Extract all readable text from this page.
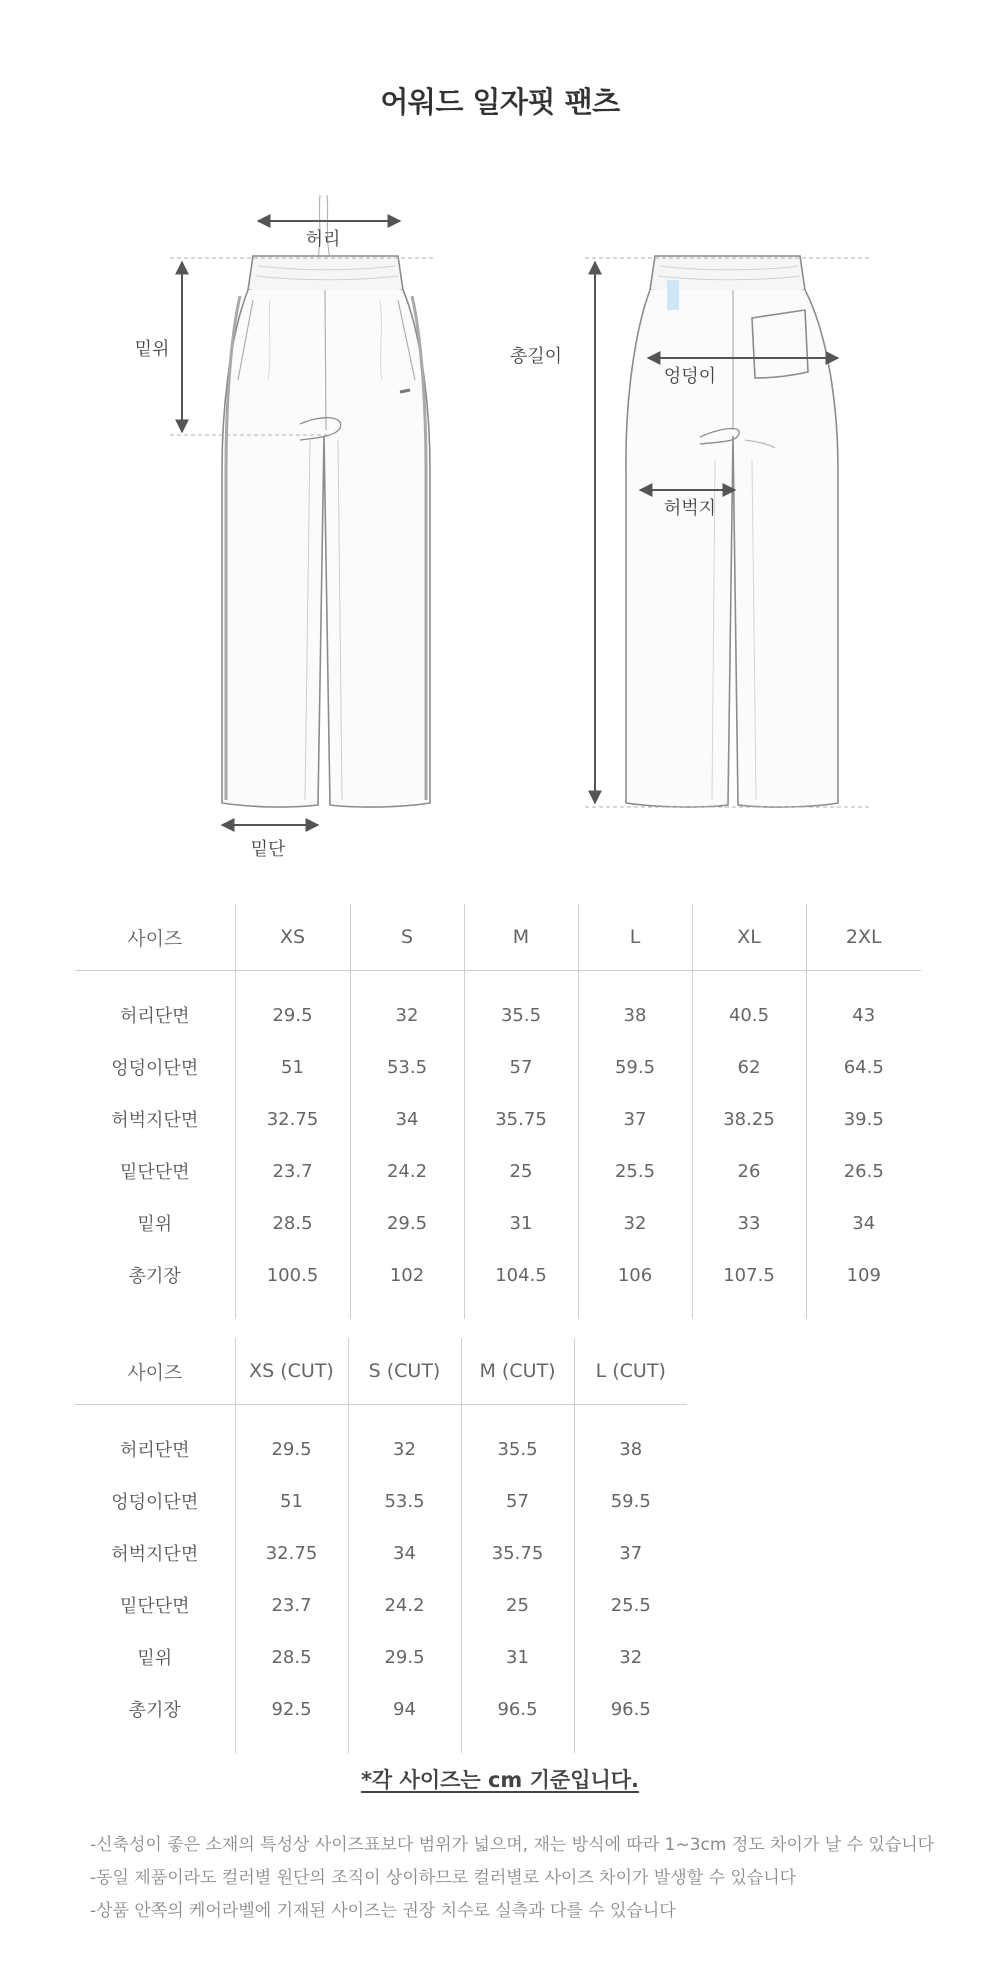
어워드 일자핏 팬츠
허리
밑위
밑단
총길이
엉덩이
허벅지
사이즈	XS	S	M	L	XL	2XL
허리단면	29.5	32	35.5	38	40.5	43
엉덩이단면	51	53.5	57	59.5	62	64.5
허벅지단면	32.75	34	35.75	37	38.25	39.5
밑단단면	23.7	24.2	25	25.5	26	26.5
밑위	28.5	29.5	31	32	33	34
총기장	100.5	102	104.5	106	107.5	109
사이즈	XS (CUT)	S (CUT)	M (CUT)	L (CUT)
허리단면	29.5	32	35.5	38
엉덩이단면	51	53.5	57	59.5
허벅지단면	32.75	34	35.75	37
밑단단면	23.7	24.2	25	25.5
밑위	28.5	29.5	31	32
총기장	92.5	94	96.5	96.5
*각 사이즈는 cm 기준입니다.
-신축성이 좋은 소재의 특성상 사이즈표보다 범위가 넓으며, 재는 방식에 따라 1~3cm 정도 차이가 날 수 있습니다
-동일 제품이라도 컬러별 원단의 조직이 상이하므로 컬러별로 사이즈 차이가 발생할 수 있습니다
-상품 안쪽의 케어라벨에 기재된 사이즈는 권장 치수로 실측과 다를 수 있습니다
